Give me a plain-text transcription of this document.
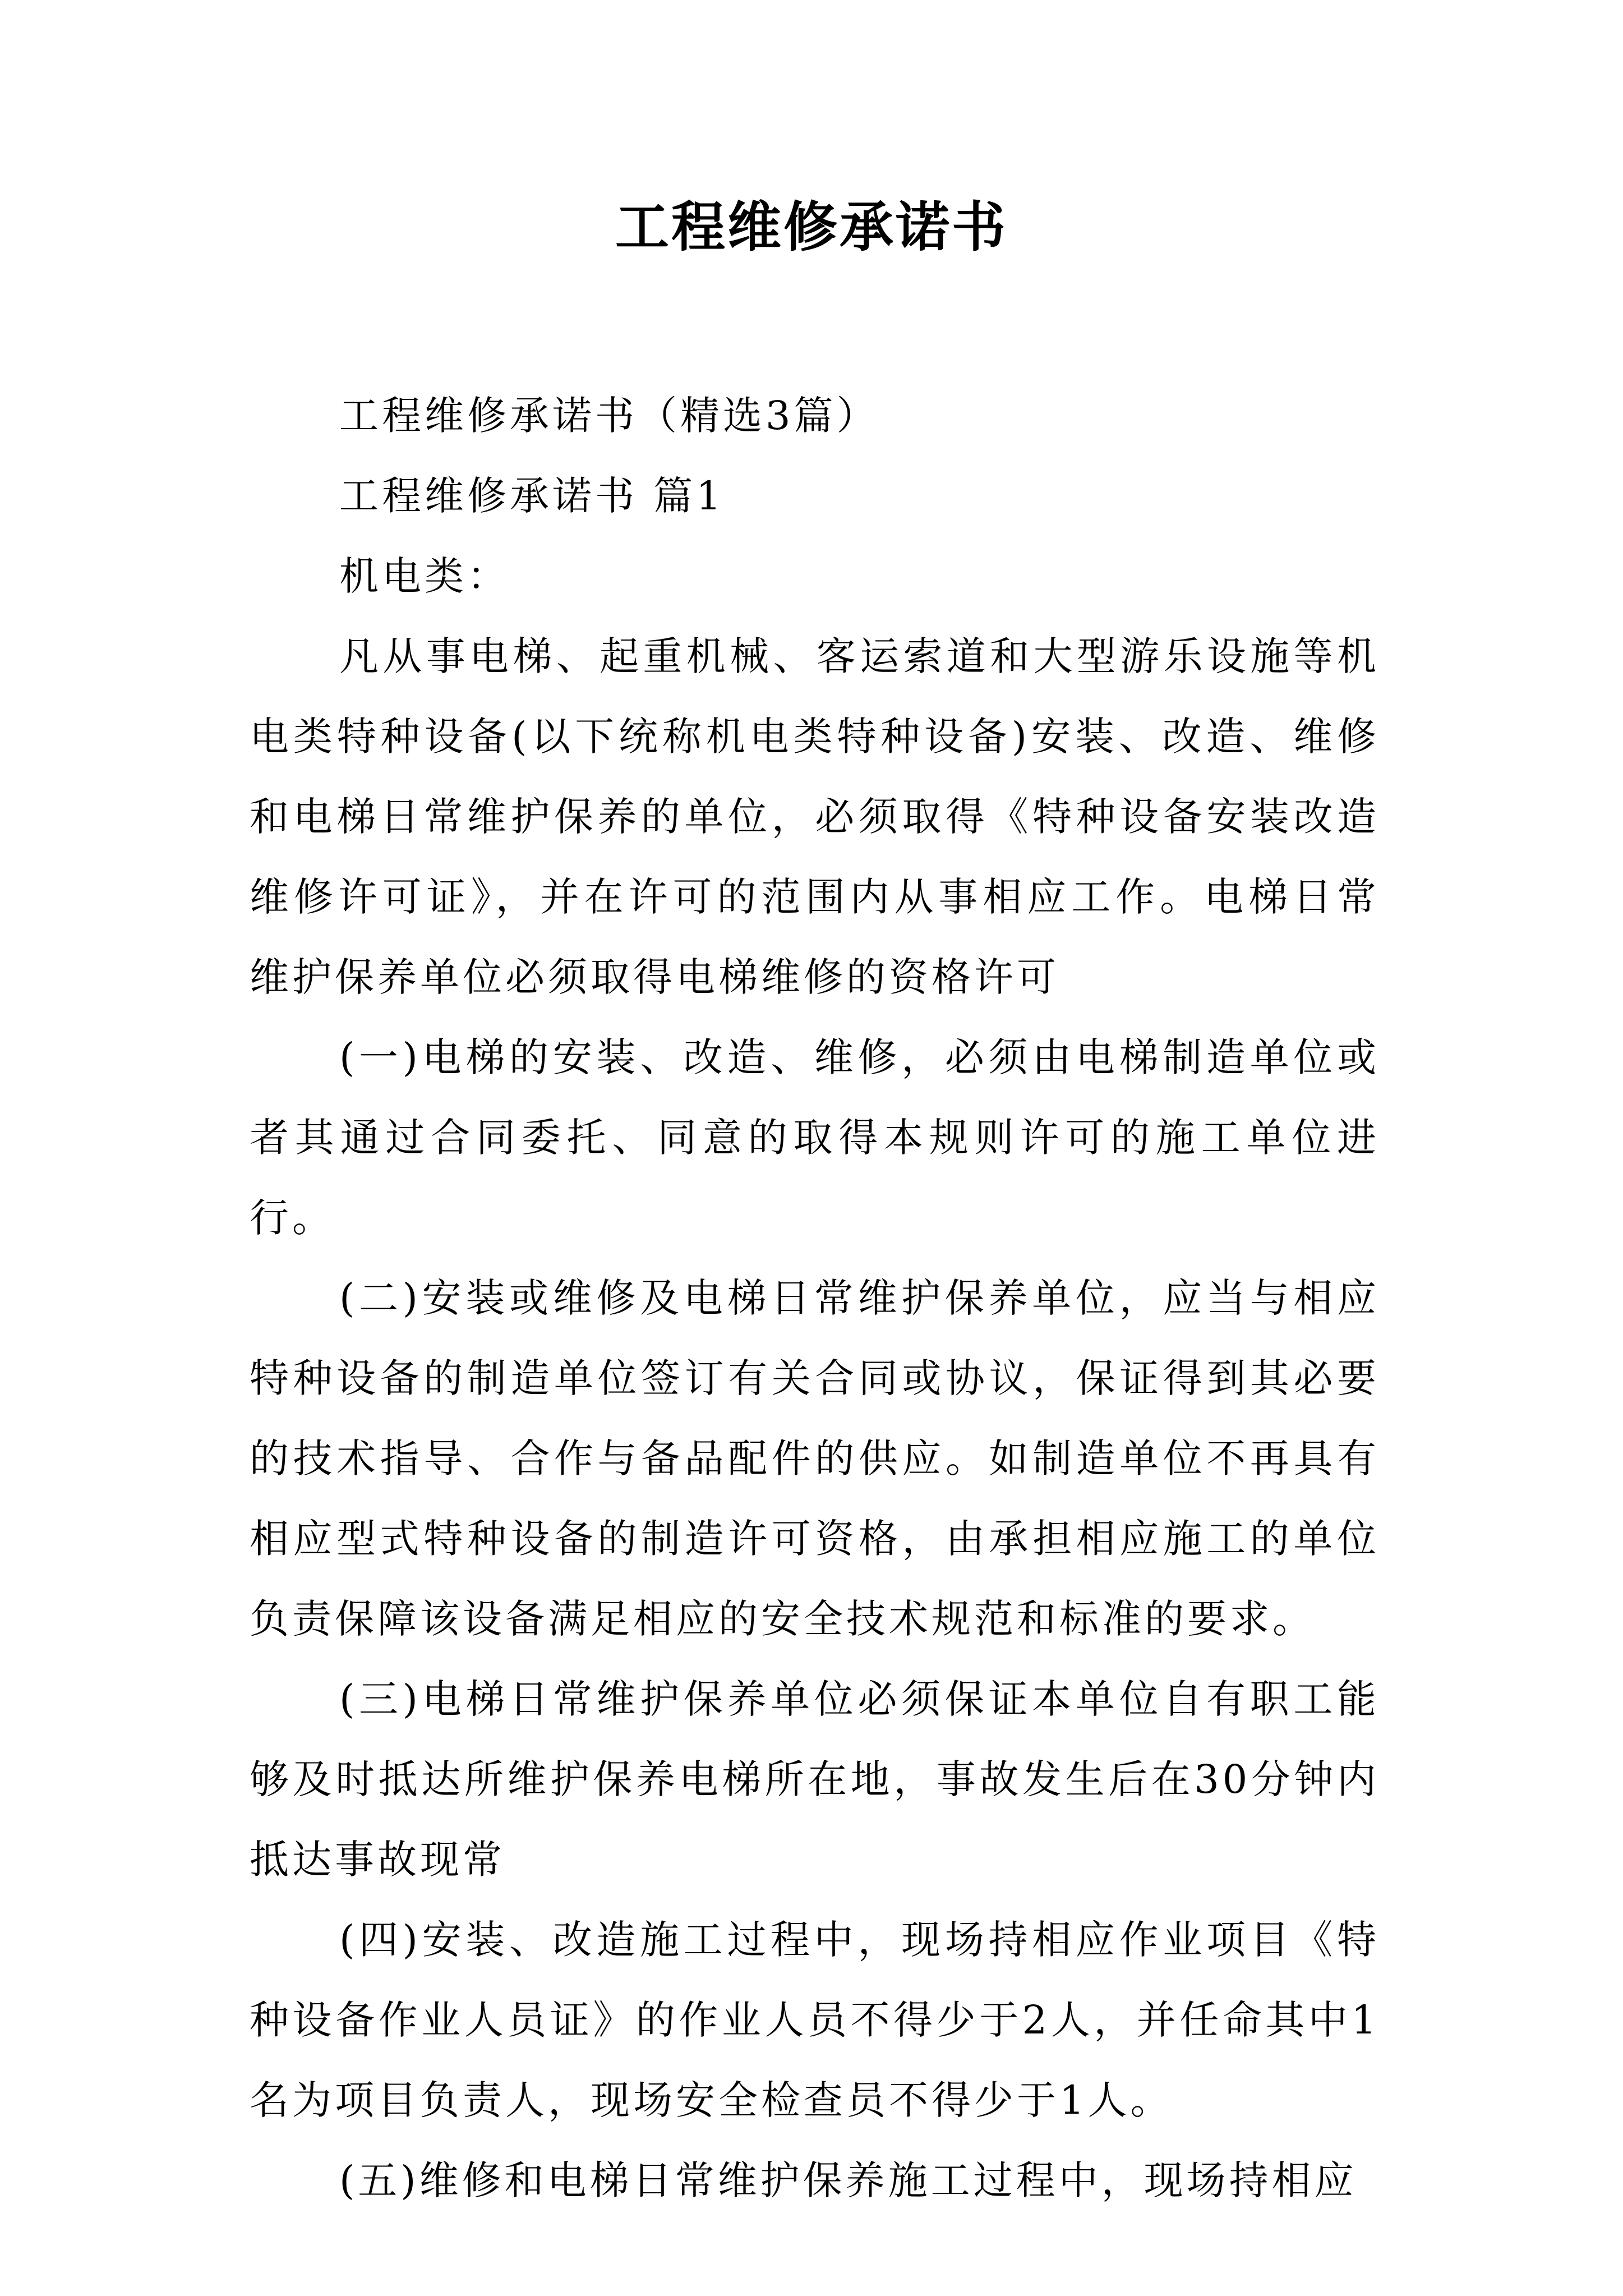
工程维修承诺书

工程维修承诺书（精选3篇）

工程维修承诺书 篇1

机电类：

凡从事电梯、起重机械、客运索道和大型游乐设施等机电类特种设备(以下统称机电类特种设备)安装、改造、维修和电梯日常维护保养的单位，必须取得《特种设备安装改造维修许可证》，并在许可的范围内从事相应工作。电梯日常维护保养单位必须取得电梯维修的资格许可

(一)电梯的安装、改造、维修，必须由电梯制造单位或者其通过合同委托、同意的取得本规则许可的施工单位进行。

(二)安装或维修及电梯日常维护保养单位，应当与相应特种设备的制造单位签订有关合同或协议，保证得到其必要的技术指导、合作与备品配件的供应。如制造单位不再具有相应型式特种设备的制造许可资格，由承担相应施工的单位负责保障该设备满足相应的安全技术规范和标准的要求。

(三)电梯日常维护保养单位必须保证本单位自有职工能够及时抵达所维护保养电梯所在地，事故发生后在30分钟内抵达事故现常

(四)安装、改造施工过程中，现场持相应作业项目《特种设备作业人员证》的作业人员不得少于2人，并任命其中1名为项目负责人，现场安全检查员不得少于1人。

(五)维修和电梯日常维护保养施工过程中，现场持相应
